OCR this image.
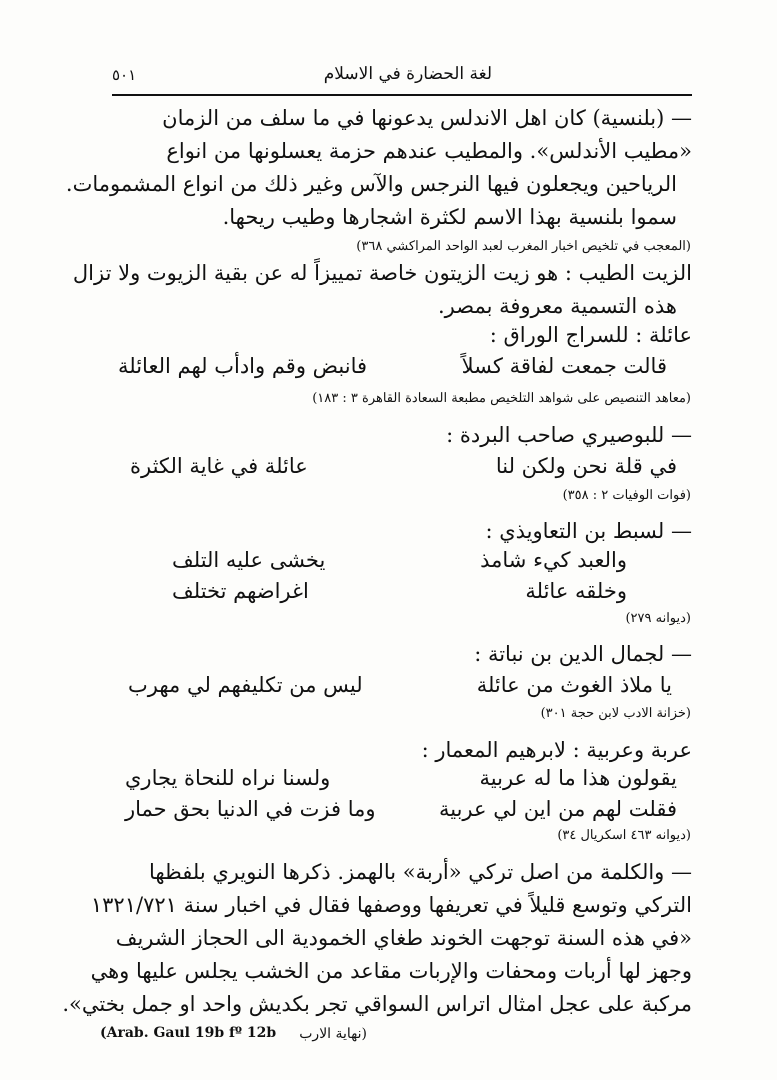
لغة الحضارة في الاسلام
٥٠١
— (بلنسية) كان اهل الاندلس يدعونها في ما سلف من الزمان
«مطيب الأندلس». والمطيب عندهم حزمة يعسلونها من انواع
الرياحين ويجعلون فيها النرجس والآس وغير ذلك من انواع المشمومات.
سموا بلنسية بهذا الاسم لكثرة اشجارها وطيب ريحها.
(المعجب في تلخيص اخبار المغرب لعبد الواحد المراكشي ٣٦٨)
الزيت الطيب : هو زيت الزيتون خاصة تمييزاً له عن بقية الزيوت ولا تزال
هذه التسمية معروفة بمصر.
عائلة : للسراج الوراق :
قالت جمعت لفاقة كسلاً
فانبض وقم وادأب لهم العائلة
(معاهد التنصيص على شواهد التلخيص مطبعة السعادة القاهرة ٣ : ١٨٣)
— للبوصيري صاحب البردة :
في قلة نحن ولكن لنا
عائلة في غاية الكثرة
(فوات الوفيات ٢ : ٣٥٨)
— لسبط بن التعاويذي :
والعبد كيء شامذ
يخشى عليه التلف
وخلقه عائلة
اغراضهم تختلف
(ديوانه ٢٧٩)
— لجمال الدين بن نباتة :
يا ملاذ الغوث من عائلة
ليس من تكليفهم لي مهرب
(خزانة الادب لابن حجة ٣٠١)
عربة وعربية : لابرهيم المعمار :
يقولون هذا ما له عربية
ولسنا نراه للنحاة يجاري
فقلت لهم من اين لي عربية
وما فزت في الدنيا بحق حمار
(ديوانه ٤٦٣ اسكريال ٣٤)
— والكلمة من اصل تركي «أربة» بالهمز. ذكرها النويري بلفظها
التركي وتوسع قليلاً في تعريفها ووصفها فقال في اخبار سنة ١٣٢١/٧٢١
«في هذه السنة توجهت الخوند طغاي الخمودية الى الحجاز الشريف
وجهز لها أربات ومحفات والإربات مقاعد من الخشب يجلس عليها وهي
مركبة على عجل امثال اتراس السواقي تجر بكديش واحد او جمل بختي».
(نهاية الارب
(Arab. Gaul 19b fº 12b
